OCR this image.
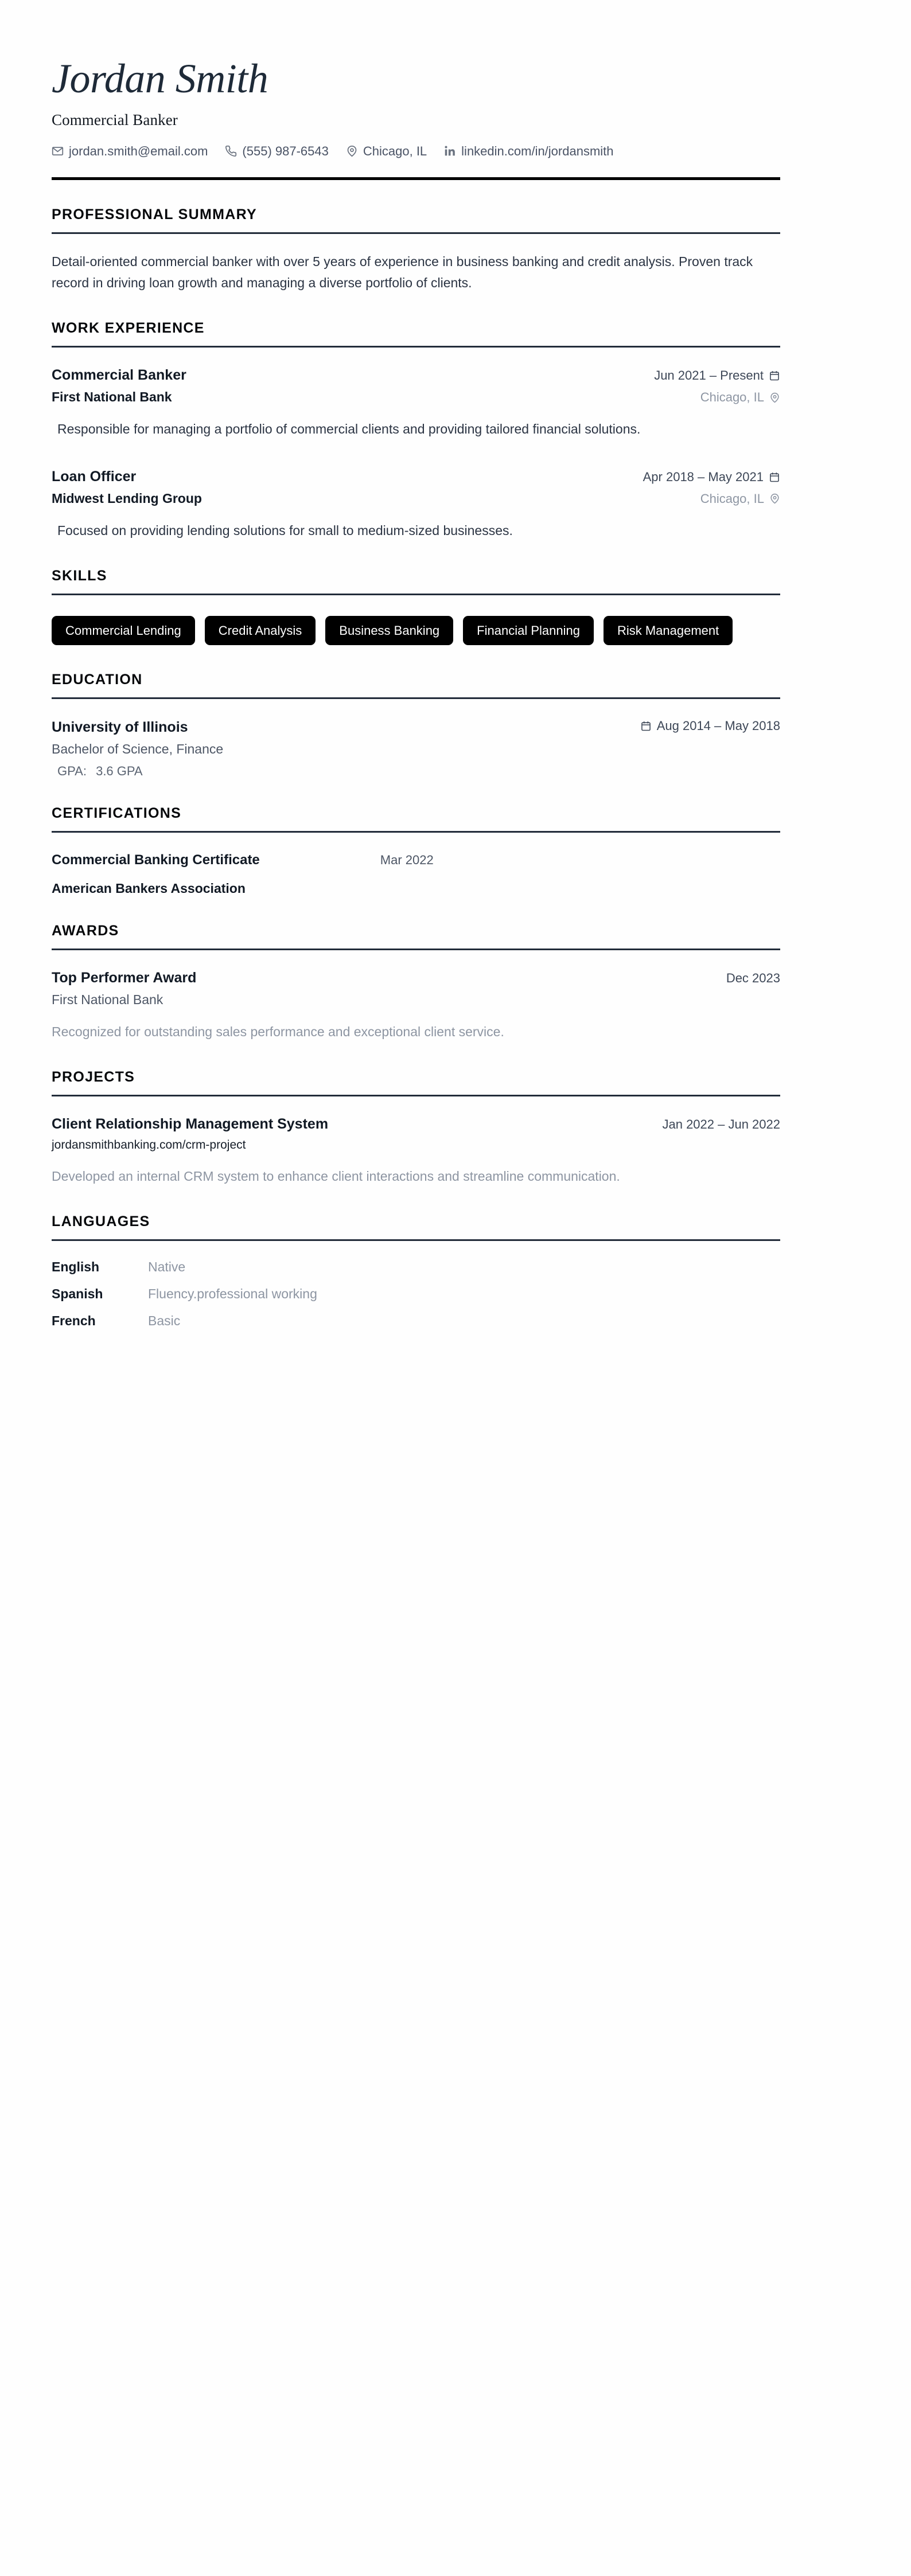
Jordan Smith
Commercial Banker
jordan.smith@email.com	(555) 987-6543	Chicago, IL	linkedin.com/in/jordansmith
PROFESSIONAL SUMMARY
Detail-oriented commercial banker with over 5 years of experience in business banking and credit analysis. Proven track record in driving loan growth and managing a diverse portfolio of clients.
WORK EXPERIENCE
Commercial Banker	Jun 2021 – Present
First National Bank	Chicago, IL
Responsible for managing a portfolio of commercial clients and providing tailored financial solutions.
Loan Officer	Apr 2018 – May 2021
Midwest Lending Group	Chicago, IL
Focused on providing lending solutions for small to medium-sized businesses.
SKILLS
Commercial Lending	Credit Analysis	Business Banking	Financial Planning	Risk Management
EDUCATION
University of Illinois	Aug 2014 – May 2018
Bachelor of Science, Finance
GPA: 3.6 GPA
CERTIFICATIONS
Commercial Banking Certificate	Mar 2022
American Bankers Association
AWARDS
Top Performer Award	Dec 2023
First National Bank
Recognized for outstanding sales performance and exceptional client service.
PROJECTS
Client Relationship Management System	Jan 2022 – Jun 2022
jordansmithbanking.com/crm-project
Developed an internal CRM system to enhance client interactions and streamline communication.
LANGUAGES
English	Native
Spanish	Fluency.professional working
French	Basic
